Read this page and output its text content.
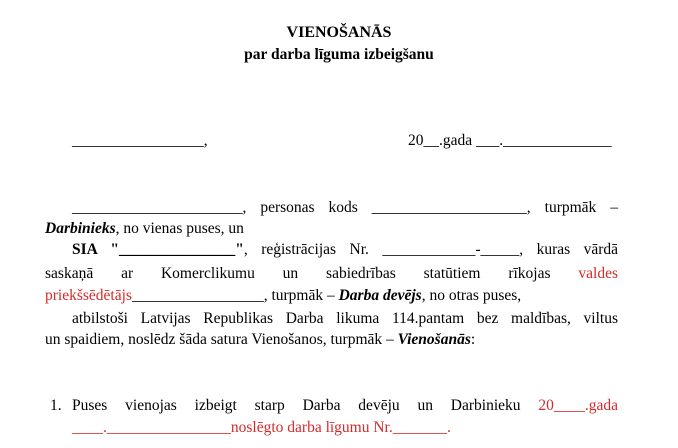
VIENOŠANĀS
par darba līguma izbeigšanu
_________________,	20__.gada ___.______________
______________________, personas kods ____________________, turpmāk –
Darbinieks, no vienas puses, un
SIA "_______________", reģistrācijas Nr. ____________-_____, kuras vārdā
saskaņā ar Komerclikumu un sabiedrības statūtiem rīkojas valdes
priekšsēdētājs_________________, turpmāk – Darba devējs, no otras puses,
atbilstoši Latvijas Republikas Darba likuma 114.pantam bez maldības, viltus
un spaidiem, noslēdz šāda satura Vienošanos, turpmāk – Vienošanās:
1. Puses vienojas izbeigt starp Darba devēju un Darbinieku 20____.gada
____.________________noslēgto darba līgumu Nr._______.
